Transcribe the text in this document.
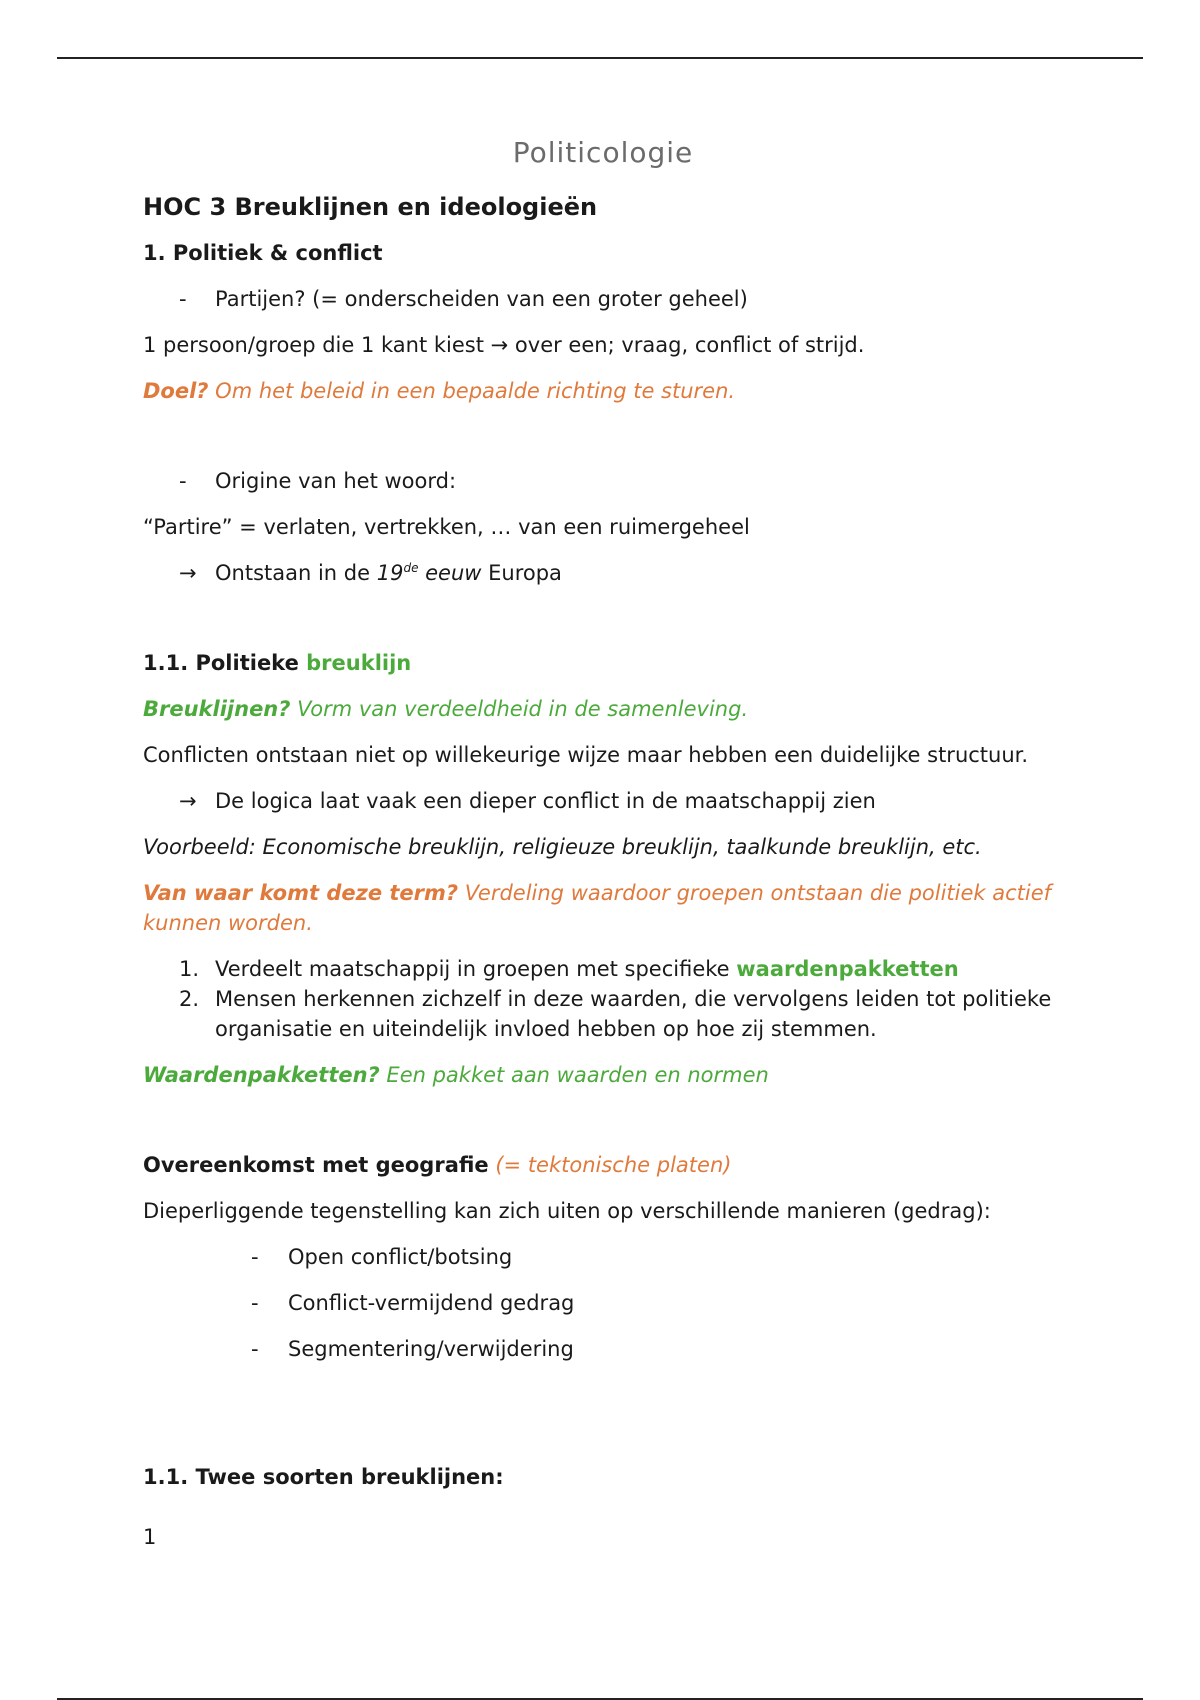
Politicologie
HOC 3 Breuklijnen en ideologieën
1. Politiek & conflict
- Partijen? (= onderscheiden van een groter geheel)

1 persoon/groep die 1 kant kiest → over een; vraag, conflict of strijd.

Doel? Om het beleid in een bepaalde richting te sturen.

- Origine van het woord:

“Partire” = verlaten, vertrekken, … van een ruimergeheel

→ Ontstaan in de 19de eeuw Europa
1.1. Politieke breuklijn

Breuklijnen? Vorm van verdeeldheid in de samenleving.

Conflicten ontstaan niet op willekeurige wijze maar hebben een duidelijke structuur.

→ De logica laat vaak een dieper conflict in de maatschappij zien

Voorbeeld: Economische breuklijn, religieuze breuklijn, taalkunde breuklijn, etc.

Van waar komt deze term? Verdeling waardoor groepen ontstaan die politiek actief kunnen worden.

1. Verdeelt maatschappij in groepen met specifieke waardenpakketten
2. Mensen herkennen zichzelf in deze waarden, die vervolgens leiden tot politieke organisatie en uiteindelijk invloed hebben op hoe zij stemmen.

Waardenpakketten? Een pakket aan waarden en normen

Overeenkomst met geografie (= tektonische platen)

Dieperliggende tegenstelling kan zich uiten op verschillende manieren (gedrag):

- Open conflict/botsing
- Conflict-vermijdend gedrag
- Segmentering/verwijdering
1.1. Twee soorten breuklijnen:

1
